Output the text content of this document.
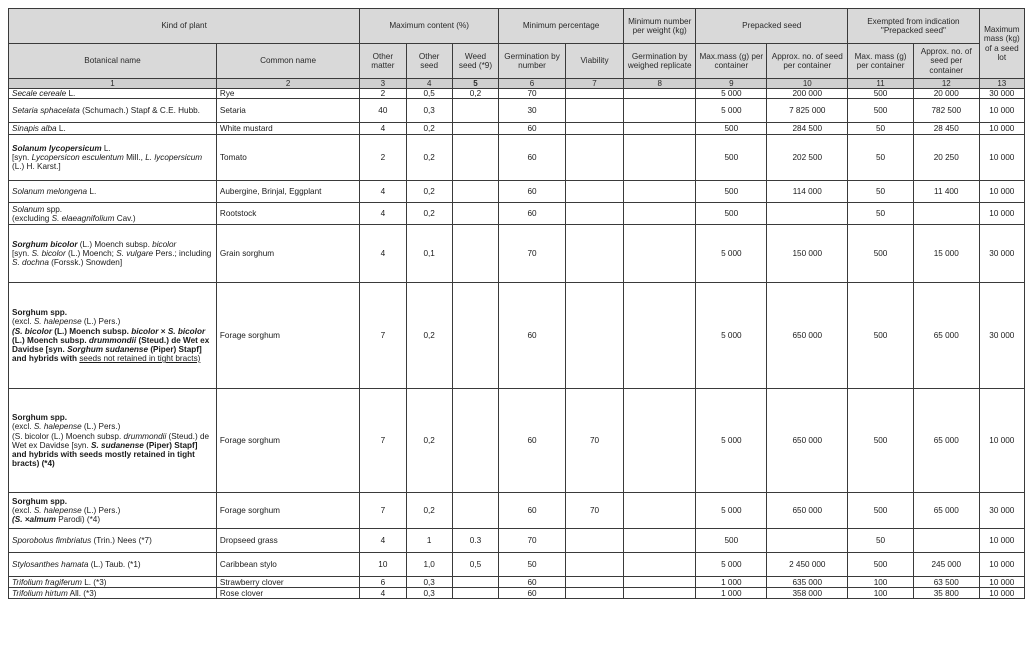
Kind of plant		Maximum content (%)			Minimum percentage		Minimum number per weight (kg)	Prepacked seed		Exempted from indication "Prepacked seed"		Maximum mass (kg) of a seed lot
Botanical name	Common name	Other matter	Other seed	Weed seed (*9)	Germination by number	Viability	Germination by weighed replicate	Max.mass (g) per container	Approx. no. of seed per container	Max. mass (g) per container	Approx. no. of seed per container	
1	2	3	4	5	6	7	8	9	10	11	12	13
Secale cereale L.	Rye	2	0,5	0,2	70			5 000	200 000	500	20 000	30 000
Setaria sphacelata (Schumach.) Stapf & C.E. Hubb.	Setaria	40	0,3		30			5 000	7 825 000	500	782 500	10 000
Sinapis alba L.	White mustard	4	0,2		60			500	284 500	50	28 450	10 000
Solanum lycopersicum L.
[syn. Lycopersicon esculentum Mill., L. lycopersicum (L.) H. Karst.]	Tomato	2	0,2		60			500	202 500	50	20 250	10 000
Solanum melongena L.	Aubergine, Brinjal, Eggplant	4	0,2		60			500	114 000	50	11 400	10 000
Solanum spp.
(excluding S. elaeagnifolium Cav.)	Rootstock	4	0,2		60			500		50		10 000
Sorghum bicolor (L.) Moench subsp. bicolor
[syn. S. bicolor (L.) Moench; S. vulgare Pers.; including S. dochna (Forssk.) Snowden]	Grain sorghum	4	0,1		70			5 000	150 000	500	15 000	30 000
Sorghum spp.
(excl. S. halepense (L.) Pers.)
(S. bicolor (L.) Moench subsp. bicolor × S. bicolor (L.) Moench subsp. drummondii (Steud.) de Wet ex Davidse [syn. Sorghum sudanense (Piper) Stapf] and hybrids with seeds not retained in tight bracts)	Forage sorghum	7	0,2		60			5 000	650 000	500	65 000	30 000
Sorghum spp.
(excl. S. halepense (L.) Pers.)
(S. bicolor (L.) Moench subsp. drummondii (Steud.) de Wet ex Davidse [syn. S. sudanense (Piper) Stapf] and hybrids with seeds mostly retained in tight bracts) (*4)	Forage sorghum	7	0,2		60	70		5 000	650 000	500	65 000	10 000
Sorghum spp.
(excl. S. halepense (L.) Pers.)
(S. ×almum Parodi) (*4)	Forage sorghum	7	0,2		60	70		5 000	650 000	500	65 000	30 000
Sporobolus fimbriatus (Trin.) Nees (*7)	Dropseed grass	4	1	0.3	70			500		50		10 000
Stylosanthes hamata (L.) Taub. (*1)	Caribbean stylo	10	1,0	0,5	50			5 000	2 450 000	500	245 000	10 000
Trifolium fragiferum L. (*3)	Strawberry clover	6	0,3		60			1 000	635 000	100	63 500	10 000
Trifolium hirtum All. (*3)	Rose clover	4	0,3		60			1 000	358 000	100	35 800	10 000
